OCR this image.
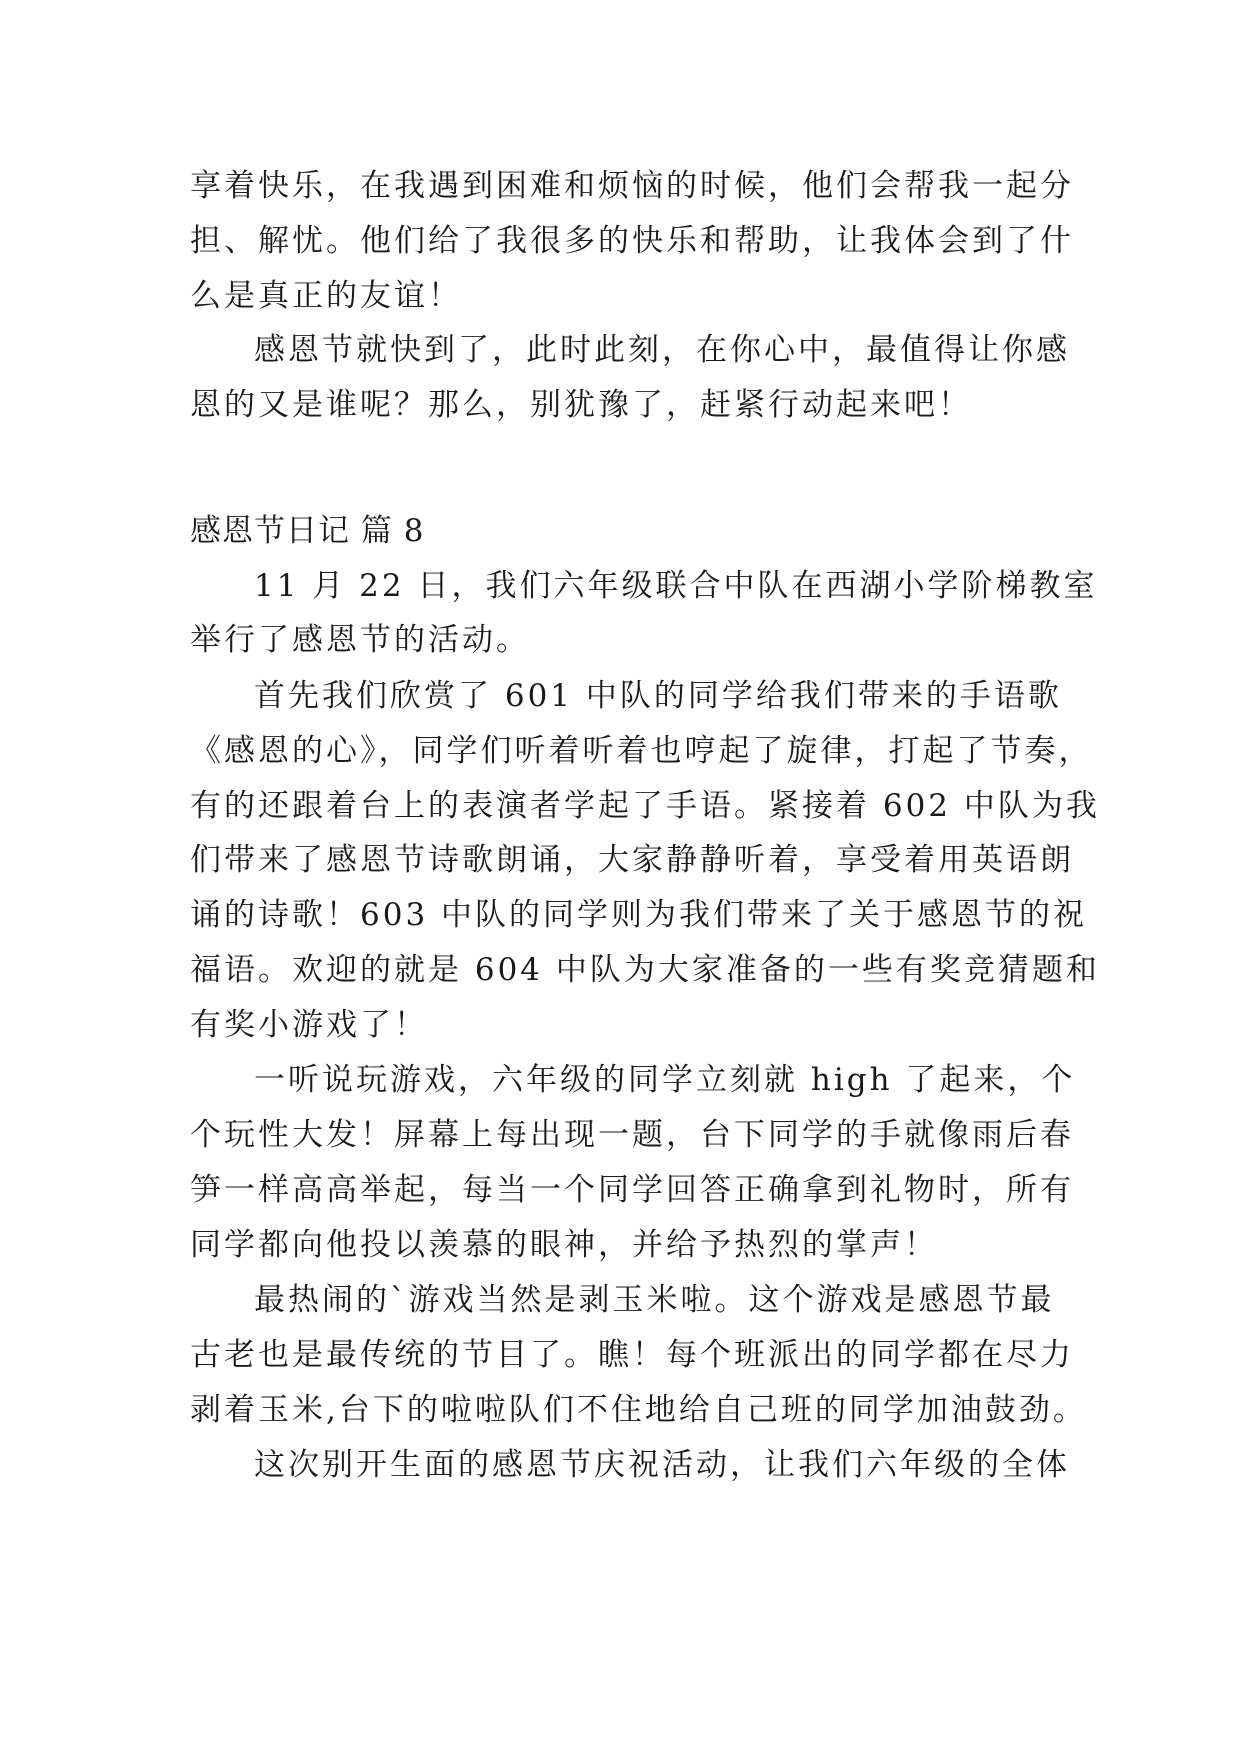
享着快乐，在我遇到困难和烦恼的时候，他们会帮我一起分
担、解忧。他们给了我很多的快乐和帮助，让我体会到了什
么是真正的友谊！
感恩节就快到了，此时此刻，在你心中，最值得让你感
恩的又是谁呢？那么，别犹豫了，赶紧行动起来吧！
感恩节日记 篇 8
11 月 22 日，我们六年级联合中队在西湖小学阶梯教室
举行了感恩节的活动。
首先我们欣赏了 601 中队的同学给我们带来的手语歌
《感恩的心》，同学们听着听着也哼起了旋律，打起了节奏，
有的还跟着台上的表演者学起了手语。紧接着 602 中队为我
们带来了感恩节诗歌朗诵，大家静静听着，享受着用英语朗
诵的诗歌！603 中队的同学则为我们带来了关于感恩节的祝
福语。欢迎的就是 604 中队为大家准备的一些有奖竞猜题和
有奖小游戏了！
一听说玩游戏，六年级的同学立刻就 high 了起来，个
个玩性大发！屏幕上每出现一题，台下同学的手就像雨后春
笋一样高高举起，每当一个同学回答正确拿到礼物时，所有
同学都向他投以羡慕的眼神，并给予热烈的掌声！
最热闹的`游戏当然是剥玉米啦。这个游戏是感恩节最
古老也是最传统的节目了。瞧！每个班派出的同学都在尽力
剥着玉米,台下的啦啦队们不住地给自己班的同学加油鼓劲。
这次别开生面的感恩节庆祝活动，让我们六年级的全体
